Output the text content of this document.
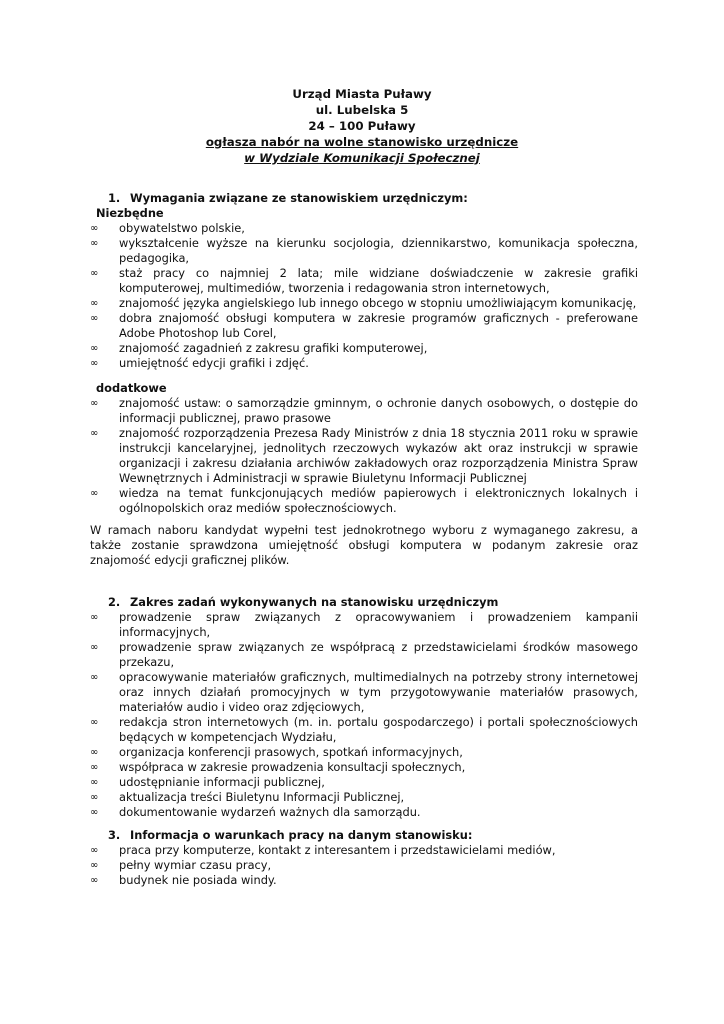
Urząd Miasta Puławy
ul. Lubelska 5
24 – 100 Puławy
ogłasza nabór na wolne stanowisko urzędnicze
w Wydziale Komunikacji Społecznej
1. Wymagania związane ze stanowiskiem urzędniczym:
Niezbędne
∞ obywatelstwo polskie,
∞ wykształcenie wyższe na kierunku socjologia, dziennikarstwo, komunikacja społeczna, pedagogika,
∞ staż pracy co najmniej 2 lata; mile widziane doświadczenie w zakresie grafiki komputerowej, multimediów, tworzenia i redagowania stron internetowych,
∞ znajomość języka angielskiego lub innego obcego w stopniu umożliwiającym komunikację,
∞ dobra znajomość obsługi komputera w zakresie programów graficznych - preferowane Adobe Photoshop lub Corel,
∞ znajomość zagadnień z zakresu grafiki komputerowej,
∞ umiejętność edycji grafiki i zdjęć.
dodatkowe
∞ znajomość ustaw: o samorządzie gminnym, o ochronie danych osobowych, o dostępie do informacji publicznej, prawo prasowe
∞ znajomość rozporządzenia Prezesa Rady Ministrów z dnia 18 stycznia 2011 roku w sprawie instrukcji kancelaryjnej, jednolitych rzeczowych wykazów akt oraz instrukcji w sprawie organizacji i zakresu działania archiwów zakładowych oraz rozporządzenia Ministra Spraw Wewnętrznych i Administracji w sprawie Biuletynu Informacji Publicznej
∞ wiedza na temat funkcjonujących mediów papierowych i elektronicznych lokalnych i ogólnopolskich oraz mediów społecznościowych.
W ramach naboru kandydat wypełni test jednokrotnego wyboru z wymaganego zakresu, a także zostanie sprawdzona umiejętność obsługi komputera w podanym zakresie oraz znajomość edycji graficznej plików.
2. Zakres zadań wykonywanych na stanowisku urzędniczym
∞ prowadzenie spraw związanych z opracowywaniem i prowadzeniem kampanii informacyjnych,
∞ prowadzenie spraw związanych ze współpracą z przedstawicielami środków masowego przekazu,
∞ opracowywanie materiałów graficznych, multimedialnych na potrzeby strony internetowej oraz innych działań promocyjnych w tym przygotowywanie materiałów prasowych, materiałów audio i video oraz zdjęciowych,
∞ redakcja stron internetowych (m. in. portalu gospodarczego) i portali społecznościowych będących w kompetencjach Wydziału,
∞ organizacja konferencji prasowych, spotkań informacyjnych,
∞ współpraca w zakresie prowadzenia konsultacji społecznych,
∞ udostępnianie informacji publicznej,
∞ aktualizacja treści Biuletynu Informacji Publicznej,
∞ dokumentowanie wydarzeń ważnych dla samorządu.
3. Informacja o warunkach pracy na danym stanowisku:
∞ praca przy komputerze, kontakt z interesantem i przedstawicielami mediów,
∞ pełny wymiar czasu pracy,
∞ budynek nie posiada windy.
